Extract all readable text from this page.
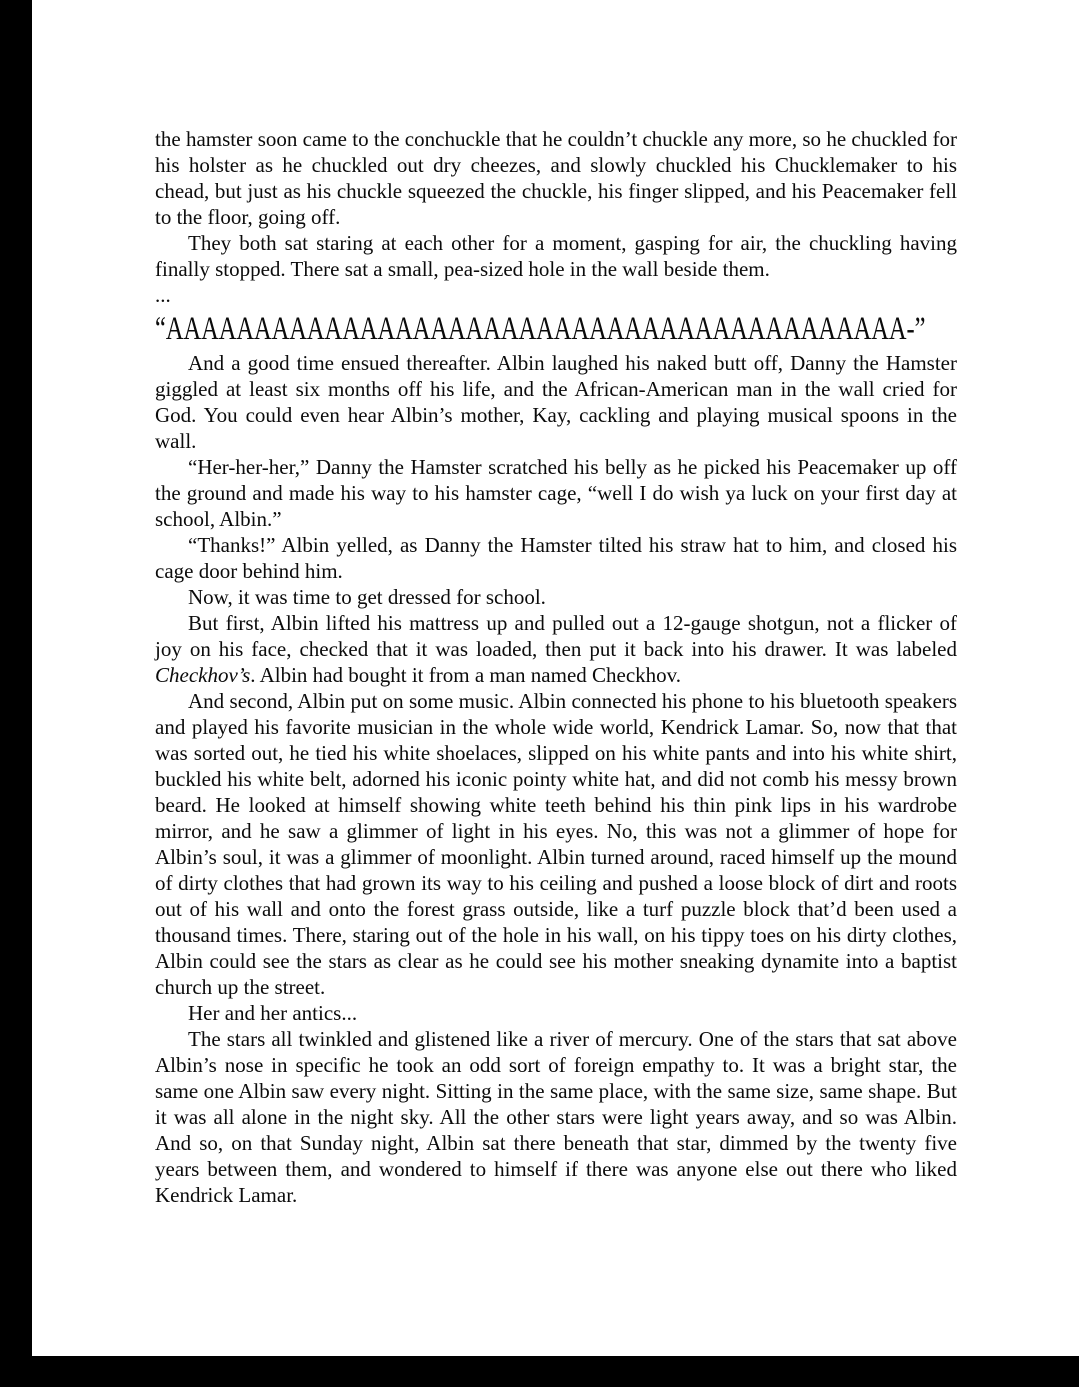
the hamster soon came to the conchuckle that he couldn’t chuckle any more, so he chuckled for his holster as he chuckled out dry cheezes, and slowly chuckled his Chucklemaker to his chead, but just as his chuckle squeezed the chuckle, his finger slipped, and his Peacemaker fell to the floor, going off.

They both sat staring at each other for a moment, gasping for air, the chuckling having finally stopped. There sat a small, pea-sized hole in the wall beside them.

...

“AAAAAAAAAAAAAAAAAAAAAAAAAAAAAAAAAAAAAAAAAA-”

And a good time ensued thereafter. Albin laughed his naked butt off, Danny the Hamster giggled at least six months off his life, and the African-American man in the wall cried for God. You could even hear Albin’s mother, Kay, cackling and playing musical spoons in the wall.

“Her-her-her,” Danny the Hamster scratched his belly as he picked his Peacemaker up off the ground and made his way to his hamster cage, “well I do wish ya luck on your first day at school, Albin.”

“Thanks!” Albin yelled, as Danny the Hamster tilted his straw hat to him, and closed his cage door behind him.

Now, it was time to get dressed for school.

But first, Albin lifted his mattress up and pulled out a 12-gauge shotgun, not a flicker of joy on his face, checked that it was loaded, then put it back into his drawer. It was labeled Checkhov’s. Albin had bought it from a man named Checkhov.

And second, Albin put on some music. Albin connected his phone to his bluetooth speakers and played his favorite musician in the whole wide world, Kendrick Lamar. So, now that that was sorted out, he tied his white shoelaces, slipped on his white pants and into his white shirt, buckled his white belt, adorned his iconic pointy white hat, and did not comb his messy brown beard. He looked at himself showing white teeth behind his thin pink lips in his wardrobe mirror, and he saw a glimmer of light in his eyes. No, this was not a glimmer of hope for Albin’s soul, it was a glimmer of moonlight. Albin turned around, raced himself up the mound of dirty clothes that had grown its way to his ceiling and pushed a loose block of dirt and roots out of his wall and onto the forest grass outside, like a turf puzzle block that’d been used a thousand times. There, staring out of the hole in his wall, on his tippy toes on his dirty clothes, Albin could see the stars as clear as he could see his mother sneaking dynamite into a baptist church up the street.

Her and her antics...

The stars all twinkled and glistened like a river of mercury. One of the stars that sat above Albin’s nose in specific he took an odd sort of foreign empathy to. It was a bright star, the same one Albin saw every night. Sitting in the same place, with the same size, same shape. But it was all alone in the night sky. All the other stars were light years away, and so was Albin. And so, on that Sunday night, Albin sat there beneath that star, dimmed by the twenty five years between them, and wondered to himself if there was anyone else out there who liked Kendrick Lamar.
